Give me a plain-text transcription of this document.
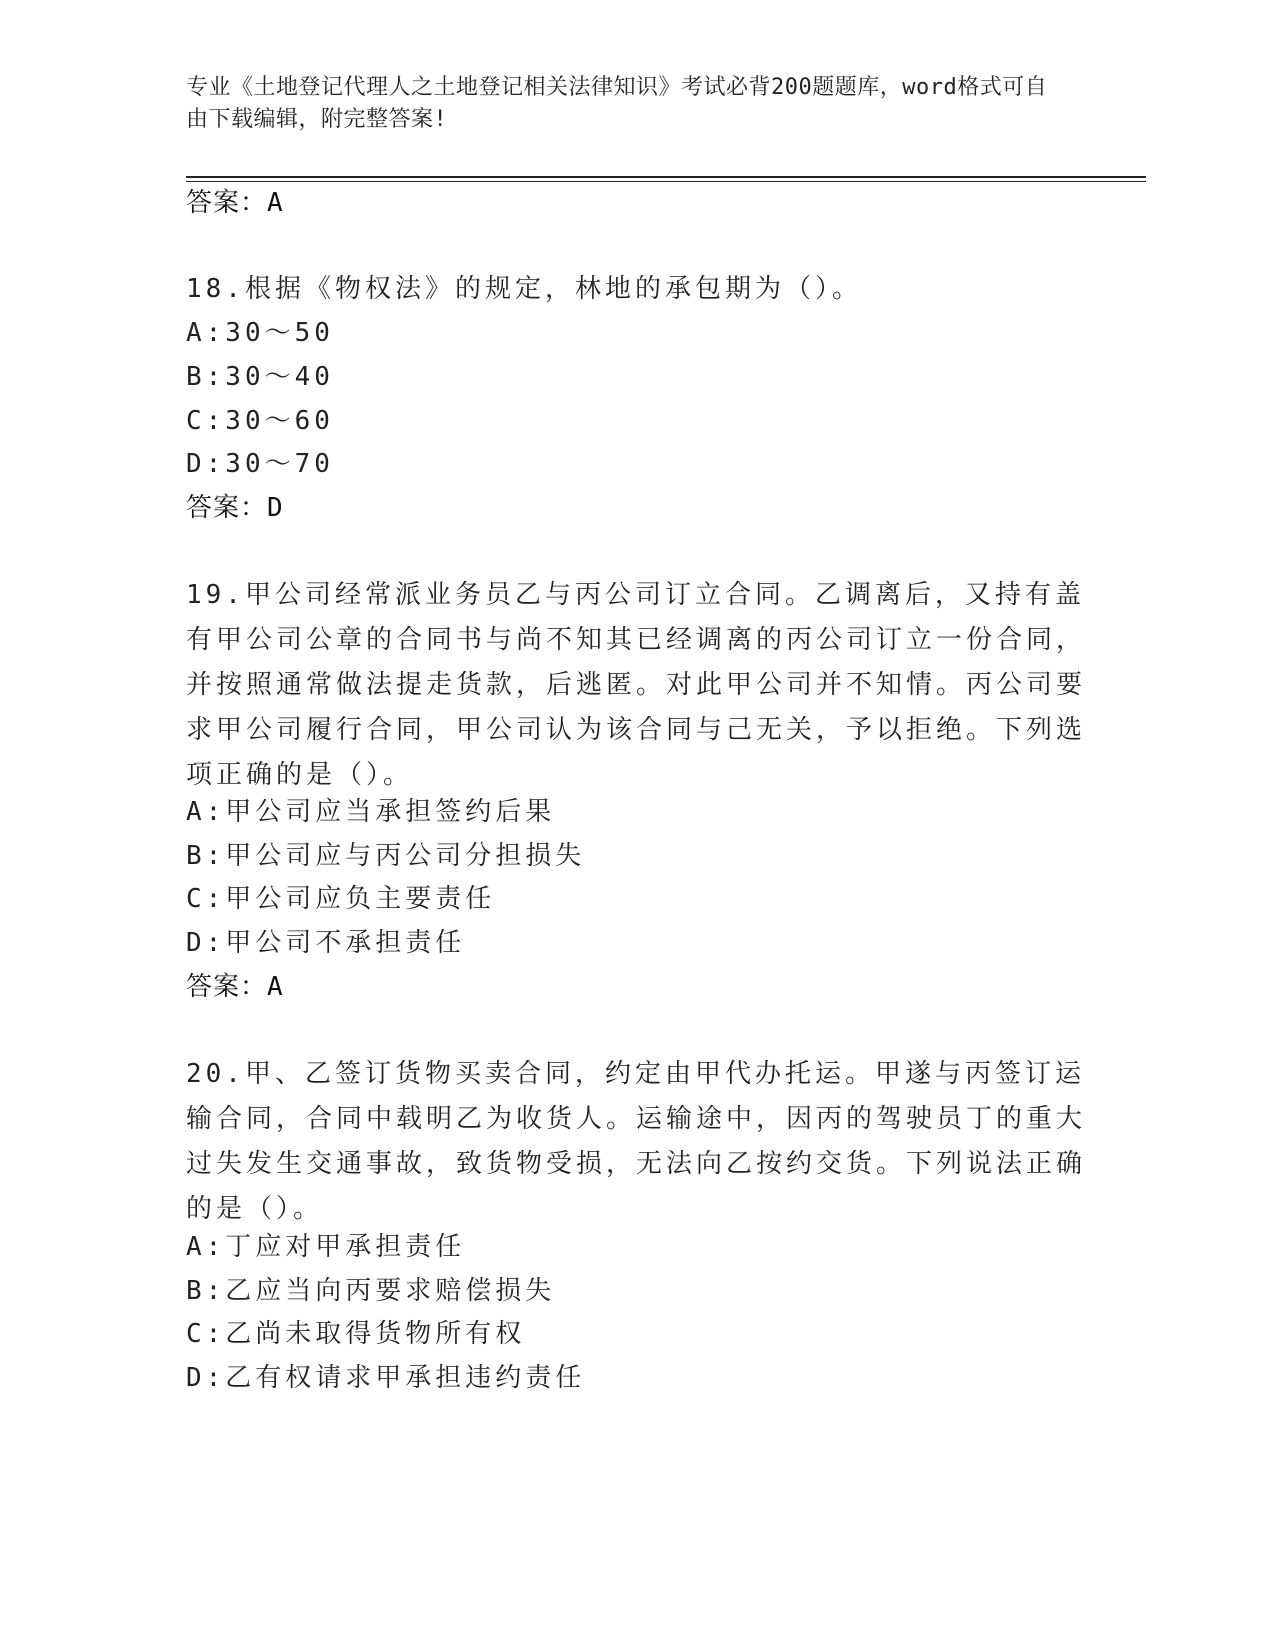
专业《土地登记代理人之土地登记相关法律知识》考试必背200题题库，word格式可自由下载编辑，附完整答案!
答案：A
18.根据《物权法》的规定，林地的承包期为（）。
A:30～50
B:30～40
C:30～60
D:30～70
答案：D
19.甲公司经常派业务员乙与丙公司订立合同。乙调离后，又持有盖有甲公司公章的合同书与尚不知其已经调离的丙公司订立一份合同，并按照通常做法提走货款，后逃匿。对此甲公司并不知情。丙公司要求甲公司履行合同，甲公司认为该合同与己无关，予以拒绝。下列选项正确的是（）。
A:甲公司应当承担签约后果
B:甲公司应与丙公司分担损失
C:甲公司应负主要责任
D:甲公司不承担责任
答案：A
20.甲、乙签订货物买卖合同，约定由甲代办托运。甲遂与丙签订运输合同，合同中载明乙为收货人。运输途中，因丙的驾驶员丁的重大过失发生交通事故，致货物受损，无法向乙按约交货。下列说法正确的是（）。
A:丁应对甲承担责任
B:乙应当向丙要求赔偿损失
C:乙尚未取得货物所有权
D:乙有权请求甲承担违约责任
